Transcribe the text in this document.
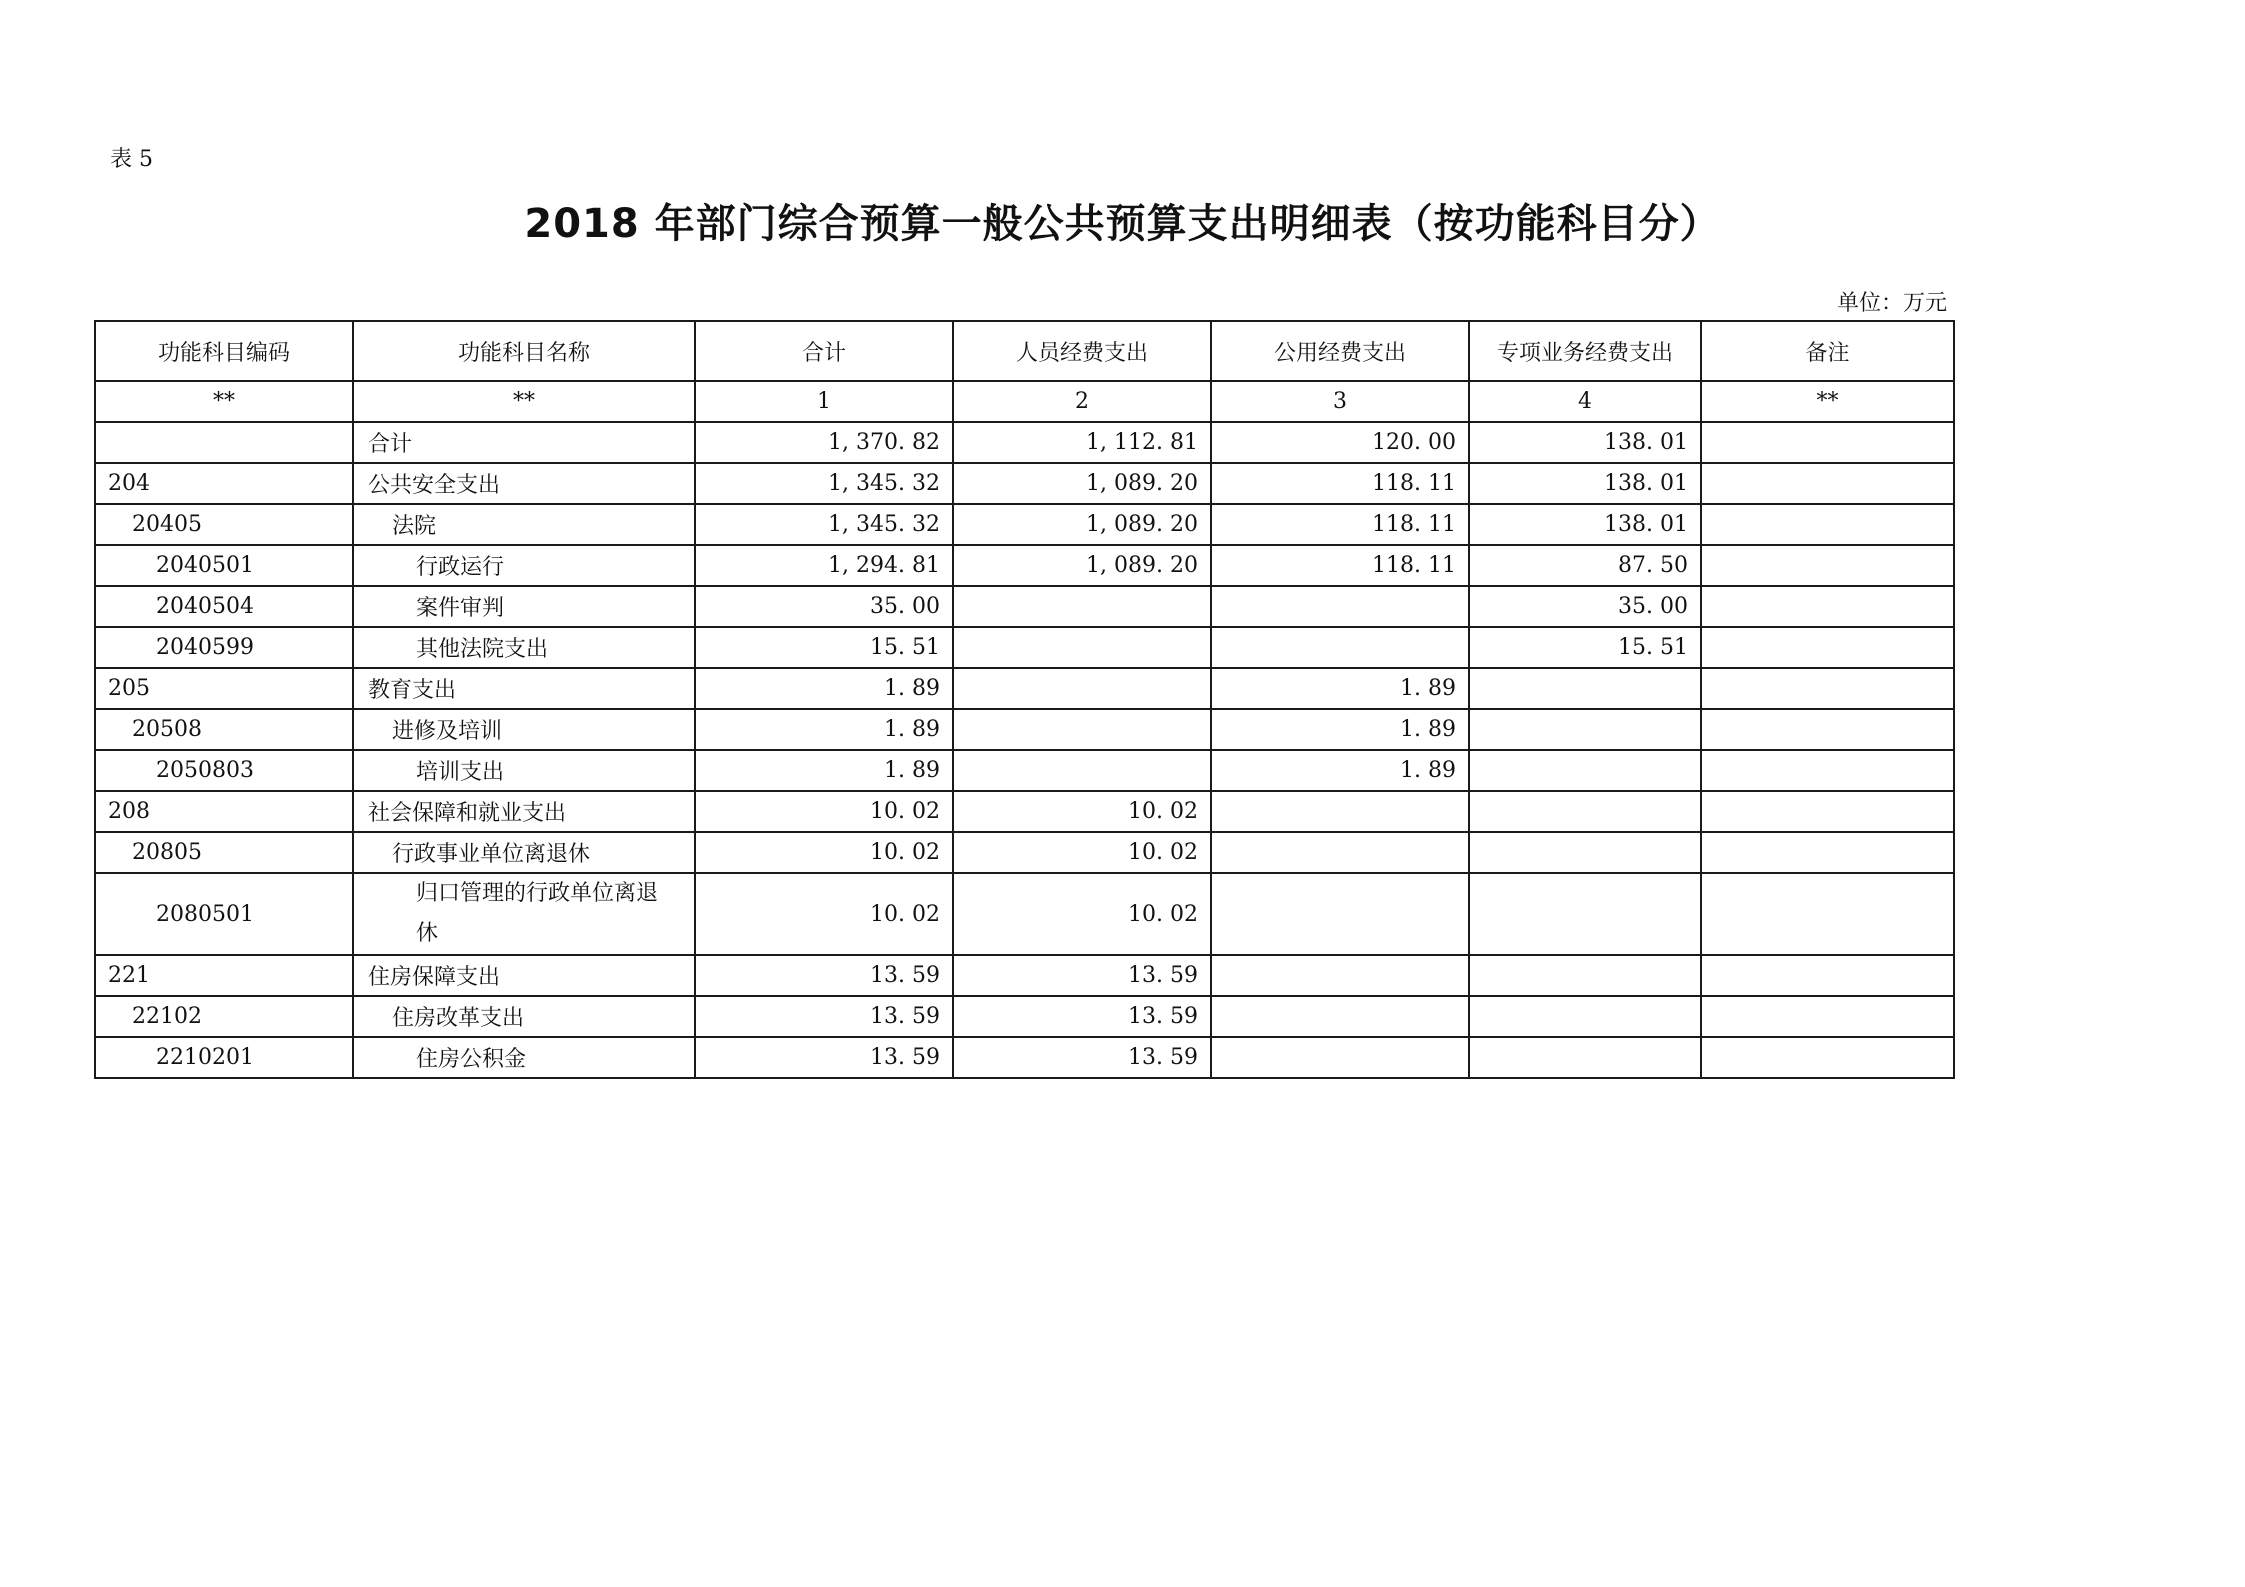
表 5
2018 年部门综合预算一般公共预算支出明细表（按功能科目分）
单位：万元
功能科目编码	功能科目名称	合计	人员经费支出	公用经费支出	专项业务经费支出	备注
**	**	1	2	3	4	**
	合计	1, 370. 82	1, 112. 81	120. 00	138. 01	
204	公共安全支出	1, 345. 32	1, 089. 20	118. 11	138. 01	
20405	法院	1, 345. 32	1, 089. 20	118. 11	138. 01	
2040501	行政运行	1, 294. 81	1, 089. 20	118. 11	87. 50	
2040504	案件审判	35. 00			35. 00	
2040599	其他法院支出	15. 51			15. 51	
205	教育支出	1. 89		1. 89		
20508	进修及培训	1. 89		1. 89		
2050803	培训支出	1. 89		1. 89		
208	社会保障和就业支出	10. 02	10. 02			
20805	行政事业单位离退休	10. 02	10. 02			
2080501	归口管理的行政单位离退休	10. 02	10. 02			
221	住房保障支出	13. 59	13. 59			
22102	住房改革支出	13. 59	13. 59			
2210201	住房公积金	13. 59	13. 59			
